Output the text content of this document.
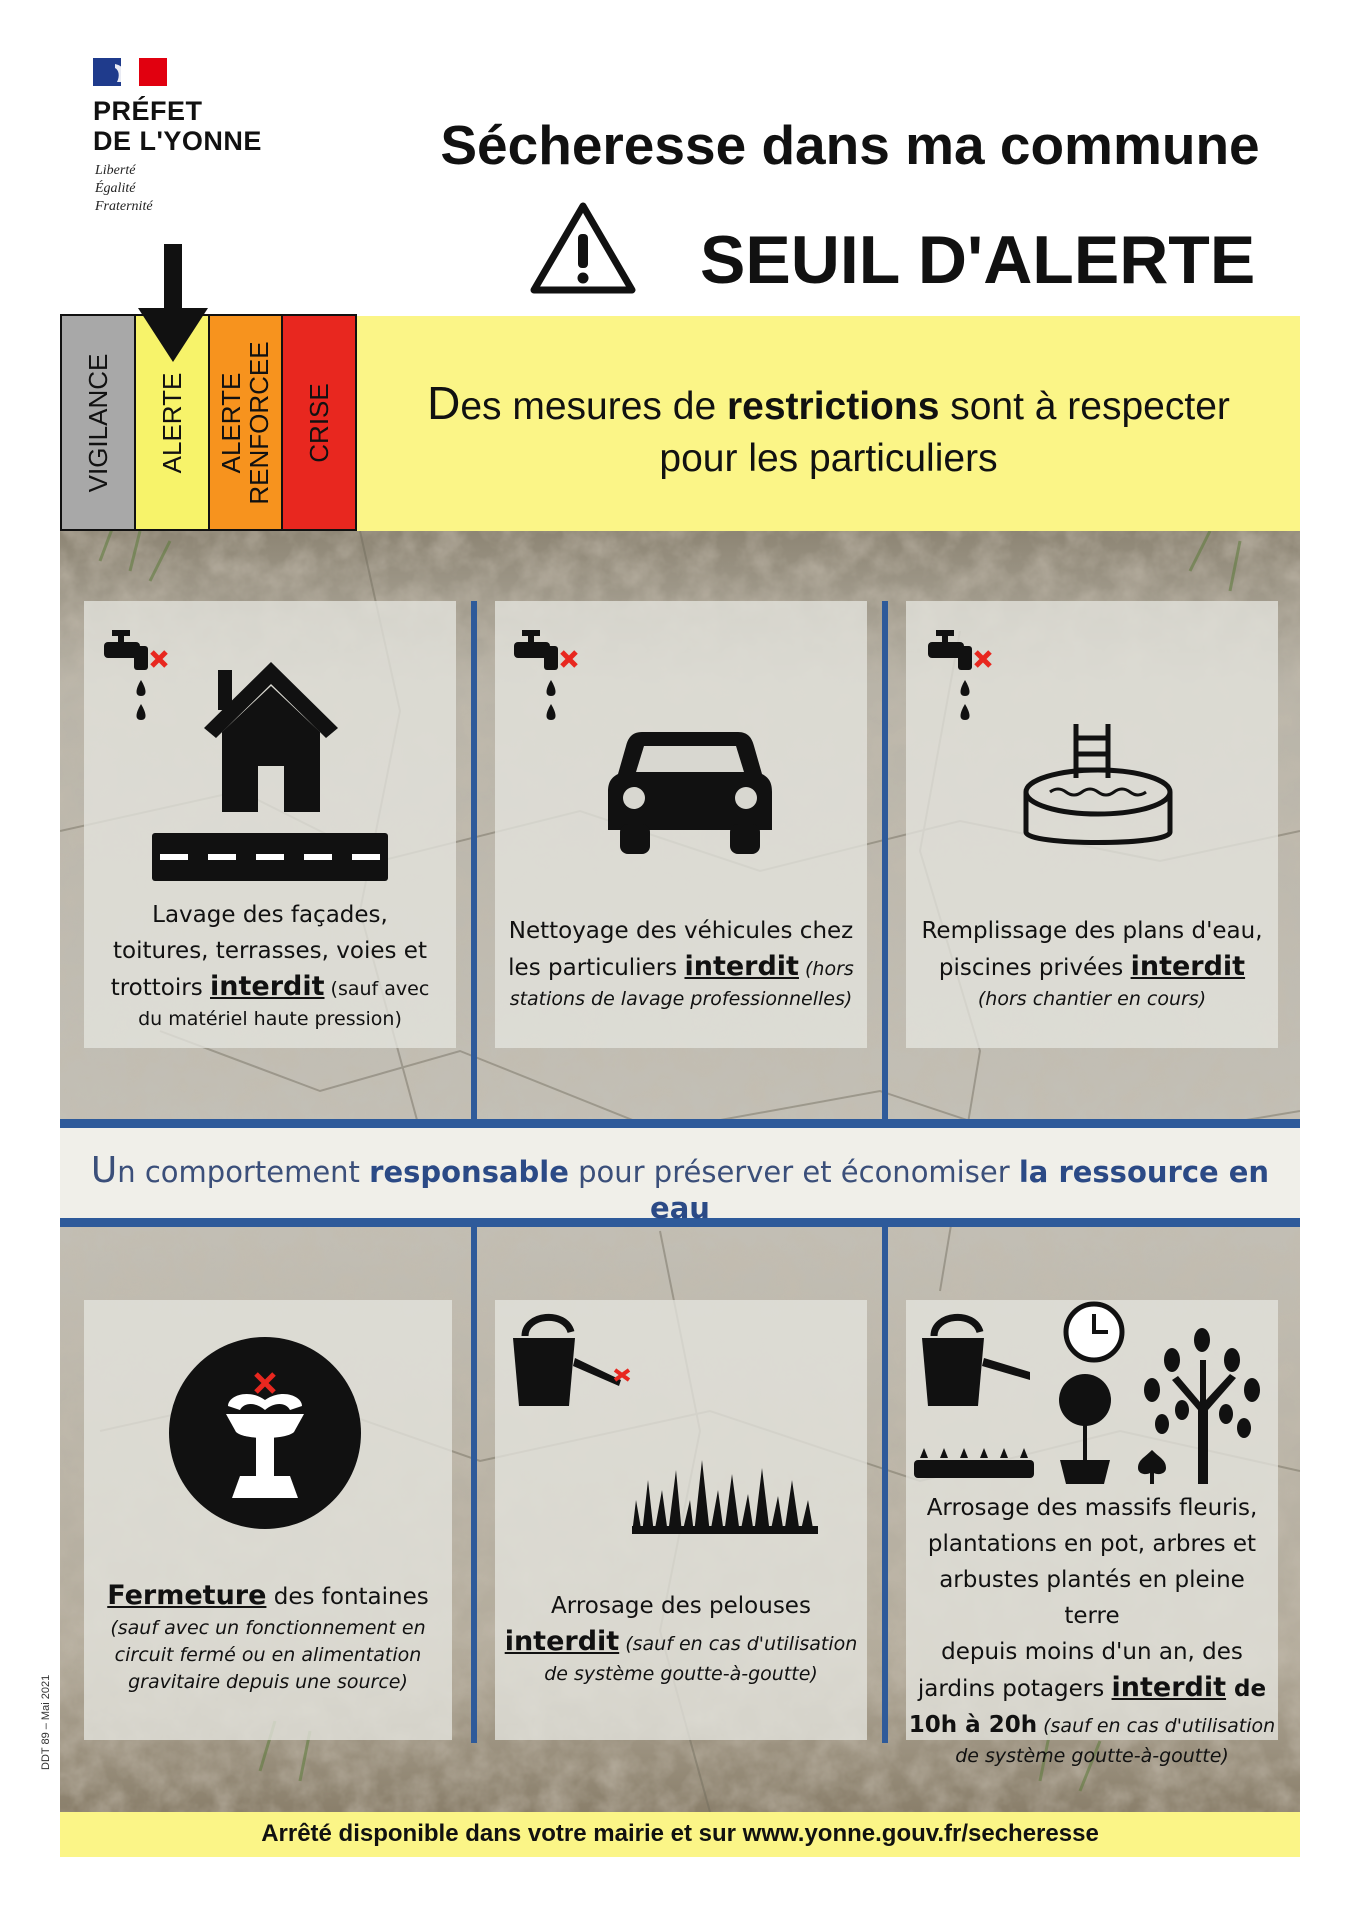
PRÉFET
DE L'YONNE
Liberté
Égalité
Fraternité
Sécheresse dans ma commune
SEUIL D'ALERTE
VIGILANCE ALERTE ALERTE
RENFORCEE CRISE	Des mesures de restrictions sont à respecter
pour les particuliers

Un comportement responsable pour préserver et économiser la ressource en eau

Lavage des façades,
toitures, terrasses, voies et
trottoirs interdit (sauf avec
du matériel haute pression)
Nettoyage des véhicules chez
les particuliers interdit (hors
stations de lavage professionnelles)
Remplissage des plans d'eau,
piscines privées interdit
(hors chantier en cours)
Fermeture des fontaines
(sauf avec un fonctionnement en
circuit fermé ou en alimentation
gravitaire depuis une source)
Arrosage des pelouses
interdit (sauf en cas d'utilisation
de système goutte-à-goutte)
Arrosage des massifs fleuris,
plantations en pot, arbres et
arbustes plantés en pleine terre
depuis moins d'un an, des
jardins potagers interdit de
10h à 20h (sauf en cas d'utilisation
de système goutte-à-goutte)

Arrêté disponible dans votre mairie et sur www.yonne.gouv.fr/secheresse

DDT 89 – Mai 2021
